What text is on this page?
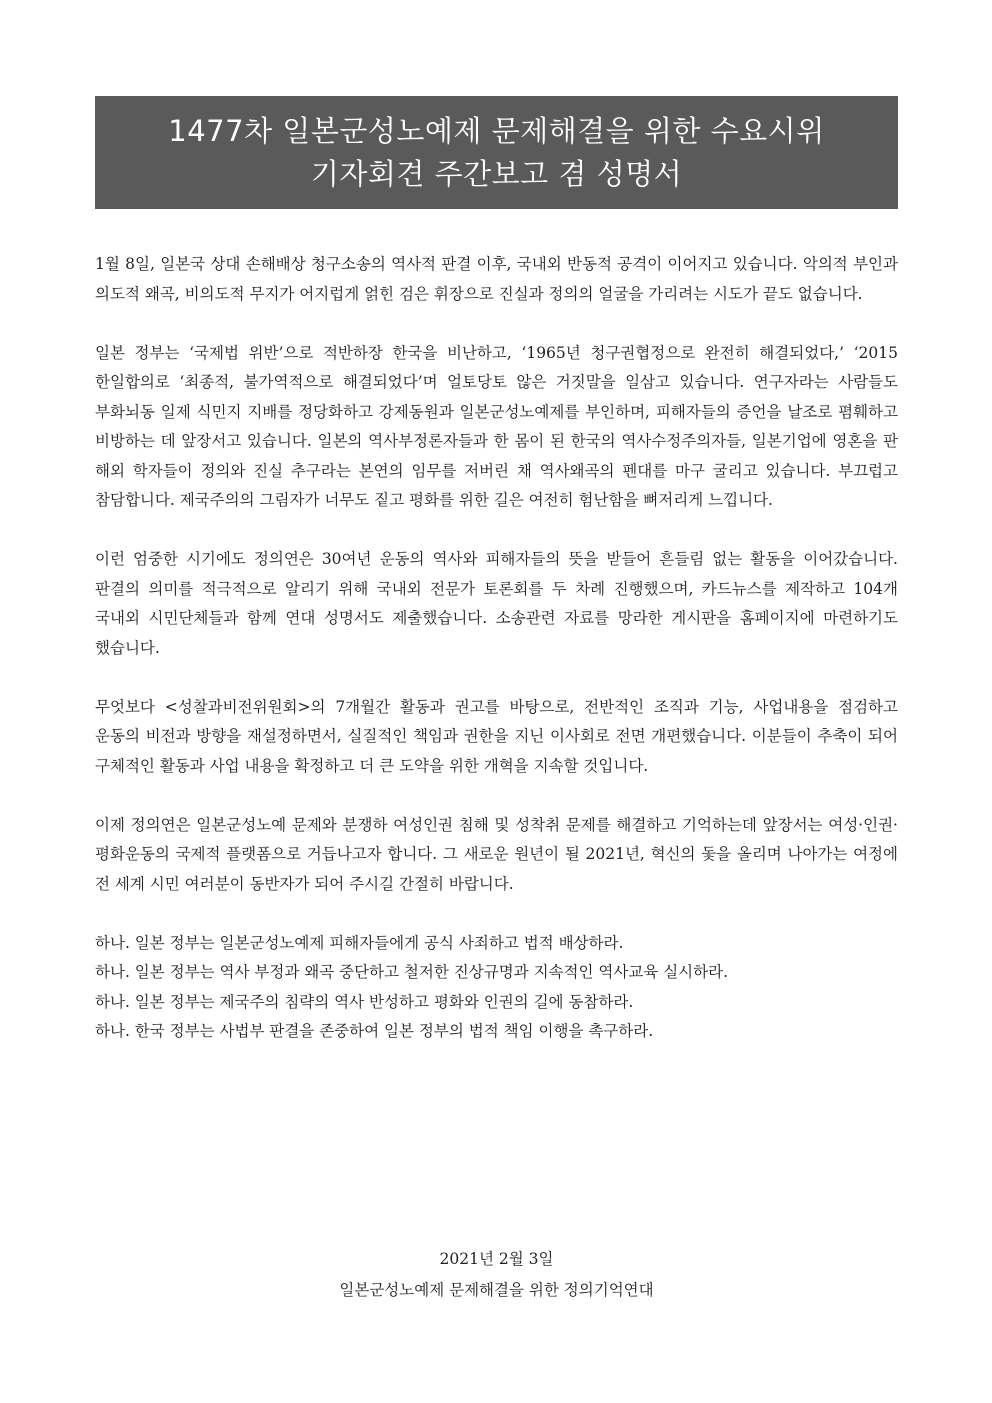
1477차 일본군성노예제 문제해결을 위한 수요시위
기자회견 주간보고 겸 성명서

1월 8일, 일본국 상대 손해배상 청구소송의 역사적 판결 이후, 국내외 반동적 공격이 이어지고 있습니다. 악의적 부인과 의도적 왜곡, 비의도적 무지가 어지럽게 얽힌 검은 휘장으로 진실과 정의의 얼굴을 가리려는 시도가 끝도 없습니다.

일본 정부는 ‘국제법 위반’으로 적반하장 한국을 비난하고, ‘1965년 청구권협정으로 완전히 해결되었다,’ ‘2015 한일합의로 ‘최종적, 불가역적으로 해결되었다’며 얼토당토 않은 거짓말을 일삼고 있습니다. 연구자라는 사람들도 부화뇌동 일제 식민지 지배를 정당화하고 강제동원과 일본군성노예제를 부인하며, 피해자들의 증언을 날조로 폄훼하고 비방하는 데 앞장서고 있습니다. 일본의 역사부정론자들과 한 몸이 된 한국의 역사수정주의자들, 일본기업에 영혼을 판 해외 학자들이 정의와 진실 추구라는 본연의 임무를 저버린 채 역사왜곡의 펜대를 마구 굴리고 있습니다. 부끄럽고 참담합니다. 제국주의의 그림자가 너무도 짙고 평화를 위한 길은 여전히 험난함을 뼈저리게 느낍니다.

이런 엄중한 시기에도 정의연은 30여년 운동의 역사와 피해자들의 뜻을 받들어 흔들림 없는 활동을 이어갔습니다. 판결의 의미를 적극적으로 알리기 위해 국내외 전문가 토론회를 두 차례 진행했으며, 카드뉴스를 제작하고 104개 국내외 시민단체들과 함께 연대 성명서도 제출했습니다. 소송관련 자료를 망라한 게시판을 홈페이지에 마련하기도 했습니다.

무엇보다 <성찰과비전위원회>의 7개월간 활동과 권고를 바탕으로, 전반적인 조직과 기능, 사업내용을 점검하고 운동의 비전과 방향을 재설정하면서, 실질적인 책임과 권한을 지닌 이사회로 전면 개편했습니다. 이분들이 추축이 되어 구체적인 활동과 사업 내용을 확정하고 더 큰 도약을 위한 개혁을 지속할 것입니다.

이제 정의연은 일본군성노예 문제와 분쟁하 여성인권 침해 및 성착취 문제를 해결하고 기억하는데 앞장서는 여성·인권·평화운동의 국제적 플랫폼으로 거듭나고자 합니다. 그 새로운 원년이 될 2021년, 혁신의 돛을 올리며 나아가는 여정에 전 세계 시민 여러분이 동반자가 되어 주시길 간절히 바랍니다.

하나. 일본 정부는 일본군성노예제 피해자들에게 공식 사죄하고 법적 배상하라.
하나. 일본 정부는 역사 부정과 왜곡 중단하고 철저한 진상규명과 지속적인 역사교육 실시하라.
하나. 일본 정부는 제국주의 침략의 역사 반성하고 평화와 인권의 길에 동참하라.
하나. 한국 정부는 사법부 판결을 존중하여 일본 정부의 법적 책임 이행을 촉구하라.
2021년 2월 3일
일본군성노예제 문제해결을 위한 정의기억연대
